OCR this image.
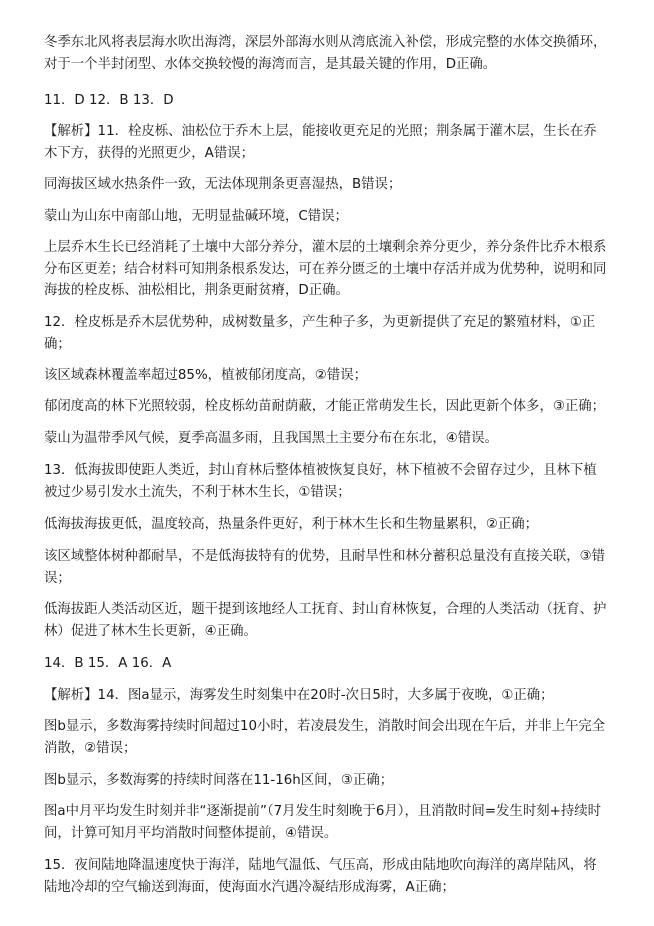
冬季东北风将表层海水吹出海湾，深层外部海水则从湾底流入补偿，形成完整的水体交换循环，对于一个半封闭型、水体交换较慢的海湾而言，是其最关键的作用，D正确。

11．D 12．B 13．D

【解析】11．栓皮栎、油松位于乔木上层，能接收更充足的光照；荆条属于灌木层，生长在乔木下方，获得的光照更少，A错误；

同海拔区域水热条件一致，无法体现荆条更喜湿热，B错误；

蒙山为山东中南部山地，无明显盐碱环境，C错误；

上层乔木生长已经消耗了土壤中大部分养分，灌木层的土壤剩余养分更少，养分条件比乔木根系分布区更差；结合材料可知荆条根系发达，可在养分匮乏的土壤中存活并成为优势种，说明和同海拔的栓皮栎、油松相比，荆条更耐贫瘠，D正确。

12．栓皮栎是乔木层优势种，成树数量多，产生种子多，为更新提供了充足的繁殖材料，①正确；

该区域森林覆盖率超过85%，植被郁闭度高，②错误；

郁闭度高的林下光照较弱，栓皮栎幼苗耐荫蔽，才能正常萌发生长，因此更新个体多，③正确；

蒙山为温带季风气候，夏季高温多雨，且我国黑土主要分布在东北，④错误。

13．低海拔即使距人类近，封山育林后整体植被恢复良好，林下植被不会留存过少，且林下植被过少易引发水土流失，不利于林木生长，①错误；

低海拔海拔更低，温度较高，热量条件更好，利于林木生长和生物量累积，②正确；

该区域整体树种都耐旱，不是低海拔特有的优势，且耐旱性和林分蓄积总量没有直接关联，③错误；

低海拔距人类活动区近，题干提到该地经人工抚育、封山育林恢复，合理的人类活动（抚育、护林）促进了林木生长更新，④正确。

14．B 15．A 16．A

【解析】14．图a显示，海雾发生时刻集中在20时-次日5时，大多属于夜晚，①正确；

图b显示，多数海雾持续时间超过10小时，若凌晨发生，消散时间会出现在午后，并非上午完全消散，②错误；

图b显示，多数海雾的持续时间落在11-16h区间，③正确；

图a中月平均发生时刻并非“逐渐提前”（7月发生时刻晚于6月），且消散时间=发生时刻+持续时间，计算可知月平均消散时间整体提前，④错误。

15．夜间陆地降温速度快于海洋，陆地气温低、气压高，形成由陆地吹向海洋的离岸陆风，将陆地冷却的空气输送到海面，使海面水汽遇冷凝结形成海雾，A正确；
